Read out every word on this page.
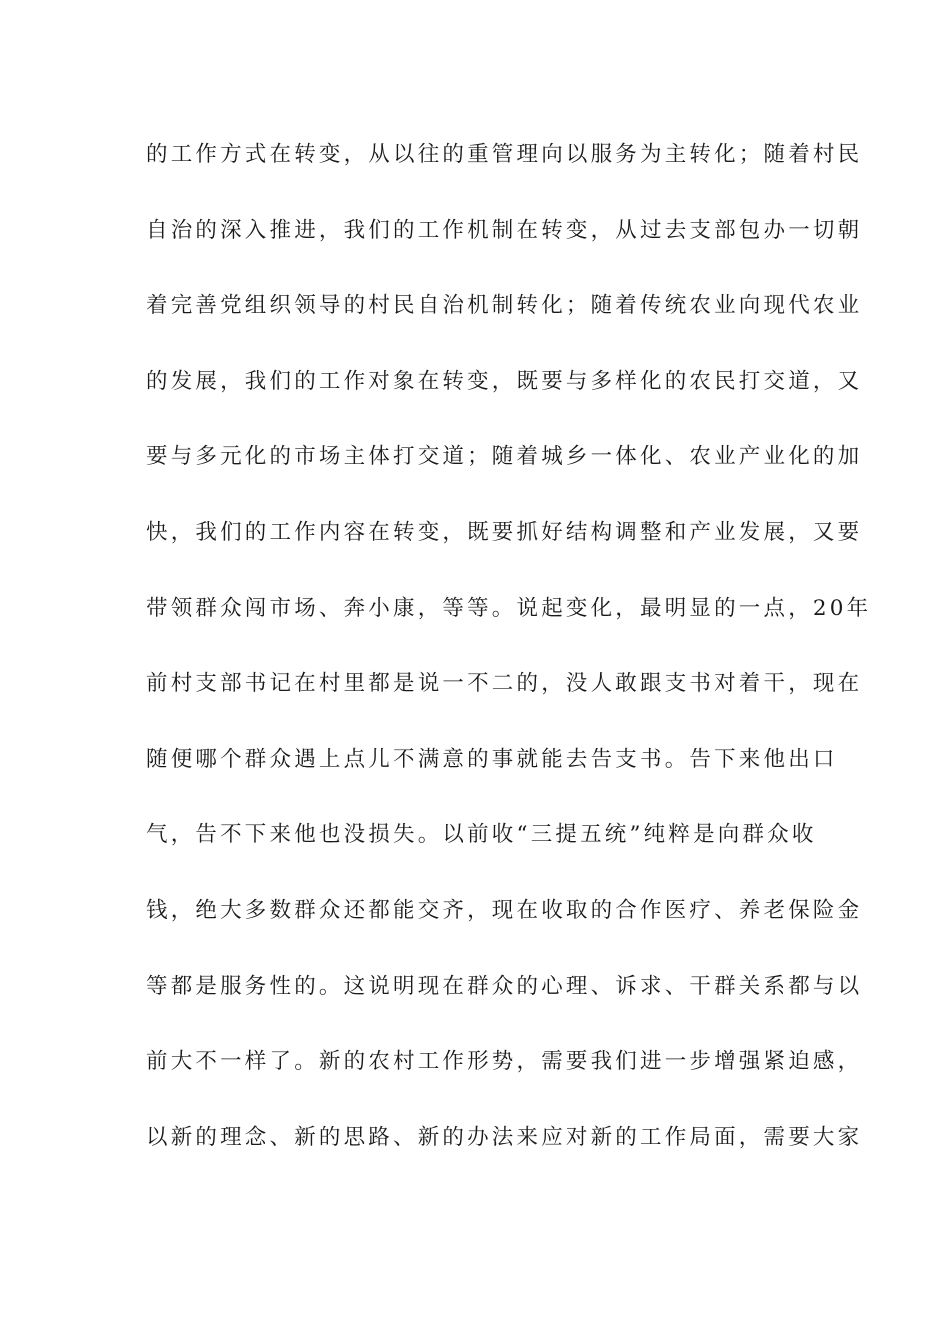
的工作方式在转变，从以往的重管理向以服务为主转化；随着村民
自治的深入推进，我们的工作机制在转变，从过去支部包办一切朝
着完善党组织领导的村民自治机制转化；随着传统农业向现代农业
的发展，我们的工作对象在转变，既要与多样化的农民打交道，又
要与多元化的市场主体打交道；随着城乡一体化、农业产业化的加
快，我们的工作内容在转变，既要抓好结构调整和产业发展，又要
带领群众闯市场、奔小康，等等。说起变化，最明显的一点，20年
前村支部书记在村里都是说一不二的，没人敢跟支书对着干，现在
随便哪个群众遇上点儿不满意的事就能去告支书。告下来他出口
气，告不下来他也没损失。以前收“三提五统”纯粹是向群众收
钱，绝大多数群众还都能交齐，现在收取的合作医疗、养老保险金
等都是服务性的。这说明现在群众的心理、诉求、干群关系都与以
前大不一样了。新的农村工作形势，需要我们进一步增强紧迫感，
以新的理念、新的思路、新的办法来应对新的工作局面，需要大家
